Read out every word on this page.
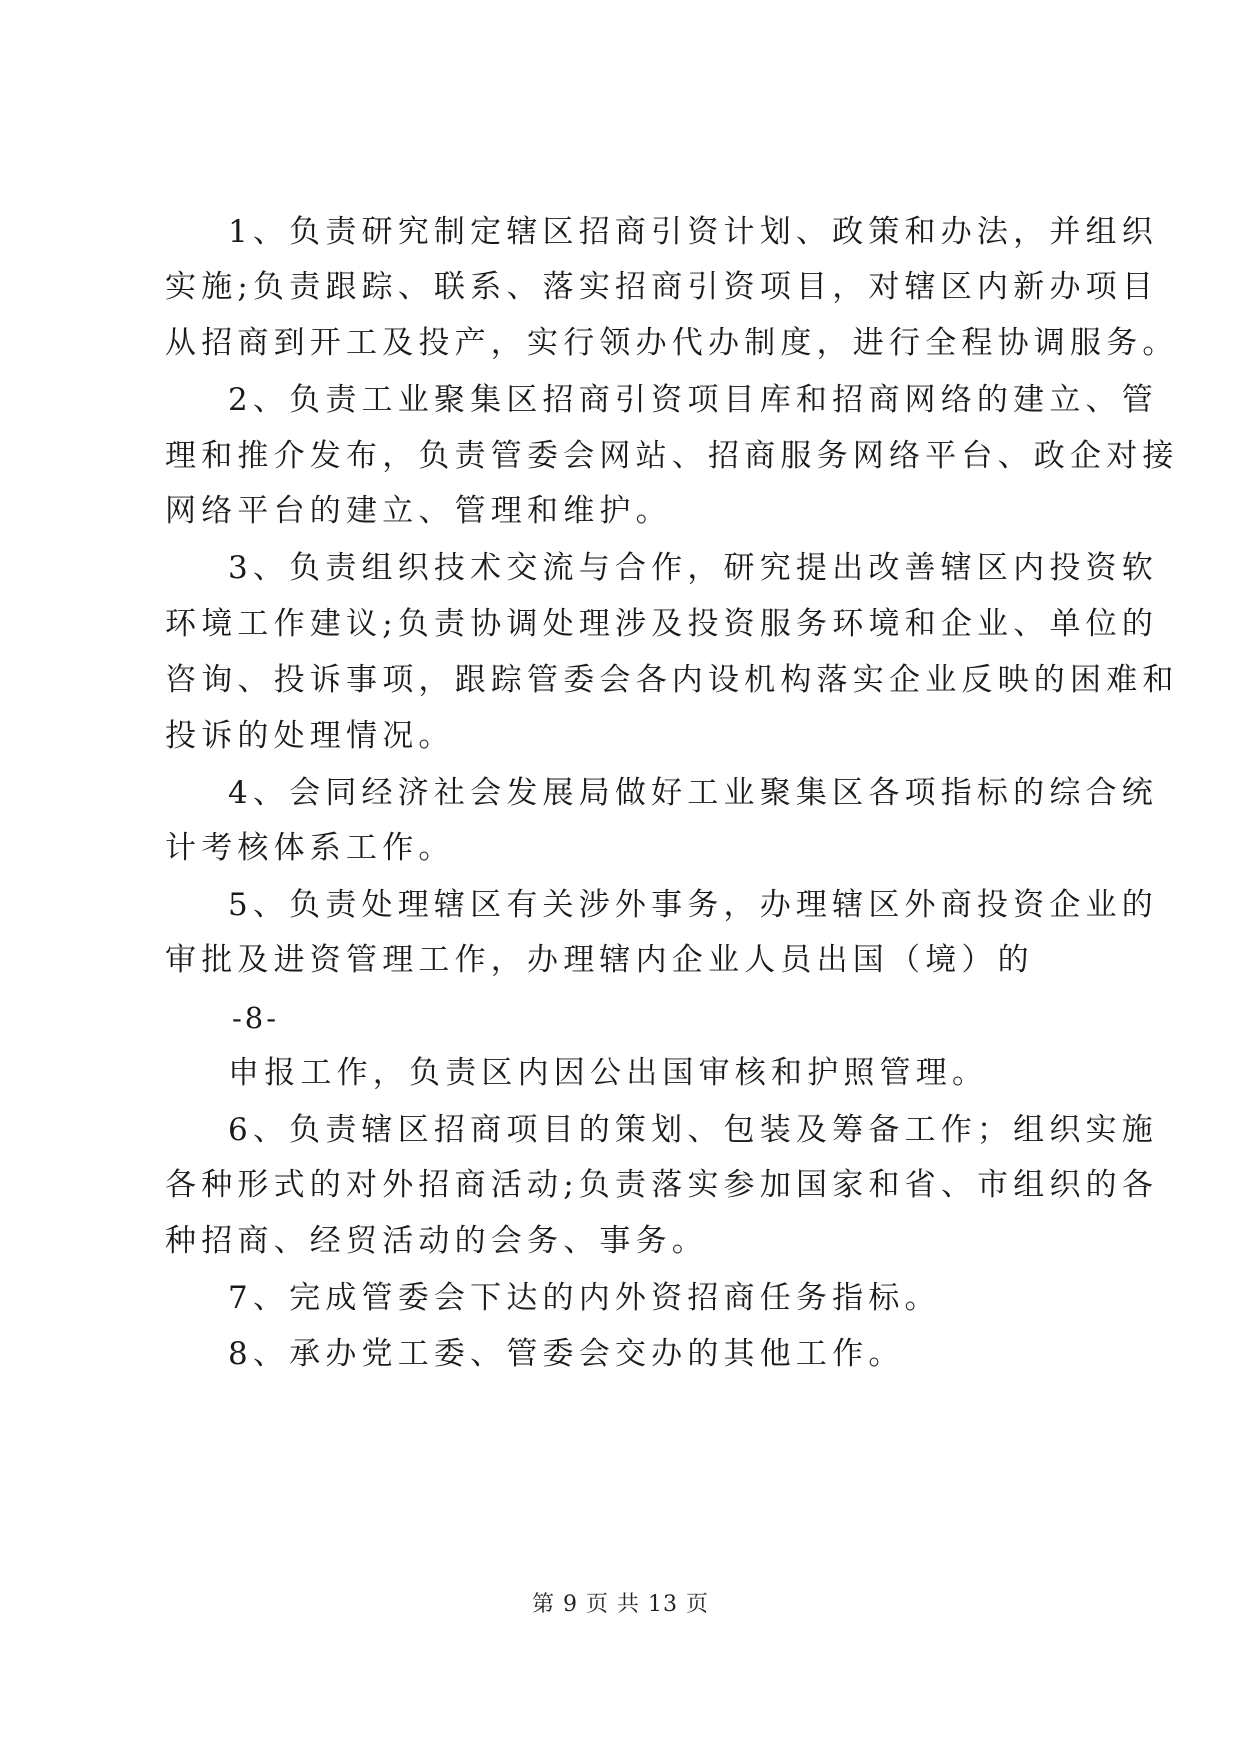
1、负责研究制定辖区招商引资计划、政策和办法，并组织
实施;负责跟踪、联系、落实招商引资项目，对辖区内新办项目
从招商到开工及投产，实行领办代办制度，进行全程协调服务。
2、负责工业聚集区招商引资项目库和招商网络的建立、管
理和推介发布，负责管委会网站、招商服务网络平台、政企对接
网络平台的建立、管理和维护。
3、负责组织技术交流与合作，研究提出改善辖区内投资软
环境工作建议;负责协调处理涉及投资服务环境和企业、单位的
咨询、投诉事项，跟踪管委会各内设机构落实企业反映的困难和
投诉的处理情况。
4、会同经济社会发展局做好工业聚集区各项指标的综合统
计考核体系工作。
5、负责处理辖区有关涉外事务，办理辖区外商投资企业的
审批及进资管理工作，办理辖内企业人员出国（境）的
-8-
申报工作，负责区内因公出国审核和护照管理。
6、负责辖区招商项目的策划、包装及筹备工作；组织实施
各种形式的对外招商活动;负责落实参加国家和省、市组织的各
种招商、经贸活动的会务、事务。
7、完成管委会下达的内外资招商任务指标。
8、承办党工委、管委会交办的其他工作。
第 9 页 共 13 页
